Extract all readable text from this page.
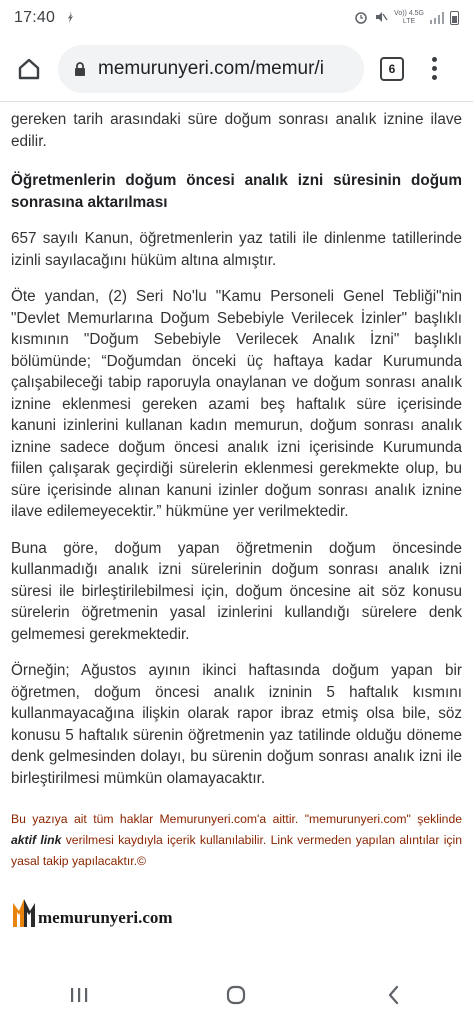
17:40	Vo)) 4.5G
LTE
memurunyeri.com/memur/i	6

gereken tarih arasındaki süre doğum sonrası analık iznine ilave edilir.

Öğretmenlerin doğum öncesi analık izni süresinin doğum sonrasına aktarılması

657 sayılı Kanun, öğretmenlerin yaz tatili ile dinlenme tatillerinde izinli sayılacağını hüküm altına almıştır.

Öte yandan, (2) Seri No'lu "Kamu Personeli Genel Tebliği"nin "Devlet Memurlarına Doğum Sebebiyle Verilecek İzinler" başlıklı kısmının "Doğum Sebebiyle Verilecek Analık İzni" başlıklı bölümünde; “Doğumdan önceki üç haftaya kadar Kurumunda çalışabileceği tabip raporuyla onaylanan ve doğum sonrası analık iznine eklenmesi gereken azami beş haftalık süre içerisinde kanuni izinlerini kullanan kadın memurun, doğum sonrası analık iznine sadece doğum öncesi analık izni içerisinde Kurumunda fiilen çalışarak geçirdiği sürelerin eklenmesi gerekmekte olup, bu süre içerisinde alınan kanuni izinler doğum sonrası analık iznine ilave edilemeyecektir.” hükmüne yer verilmektedir.

Buna göre, doğum yapan öğretmenin doğum öncesinde kullanmadığı analık izni sürelerinin doğum sonrası analık izni süresi ile birleştirilebilmesi için, doğum öncesine ait söz konusu sürelerin öğretmenin yasal izinlerini kullandığı sürelere denk gelmemesi gerekmektedir.

Örneğin; Ağustos ayının ikinci haftasında doğum yapan bir öğretmen, doğum öncesi analık izninin 5 haftalık kısmını kullanmayacağına ilişkin olarak rapor ibraz etmiş olsa bile, söz konusu 5 haftalık sürenin öğretmenin yaz tatilinde olduğu döneme denk gelmesinden dolayı, bu sürenin doğum sonrası analık izni ile birleştirilmesi mümkün olamayacaktır.

Bu yazıya ait tüm haklar Memurunyeri.com'a aittir. "memurunyeri.com" şeklinde aktif link verilmesi kaydıyla içerik kullanılabilir. Link vermeden yapılan alıntılar için yasal takip yapılacaktır.©

memurunyeri.com
